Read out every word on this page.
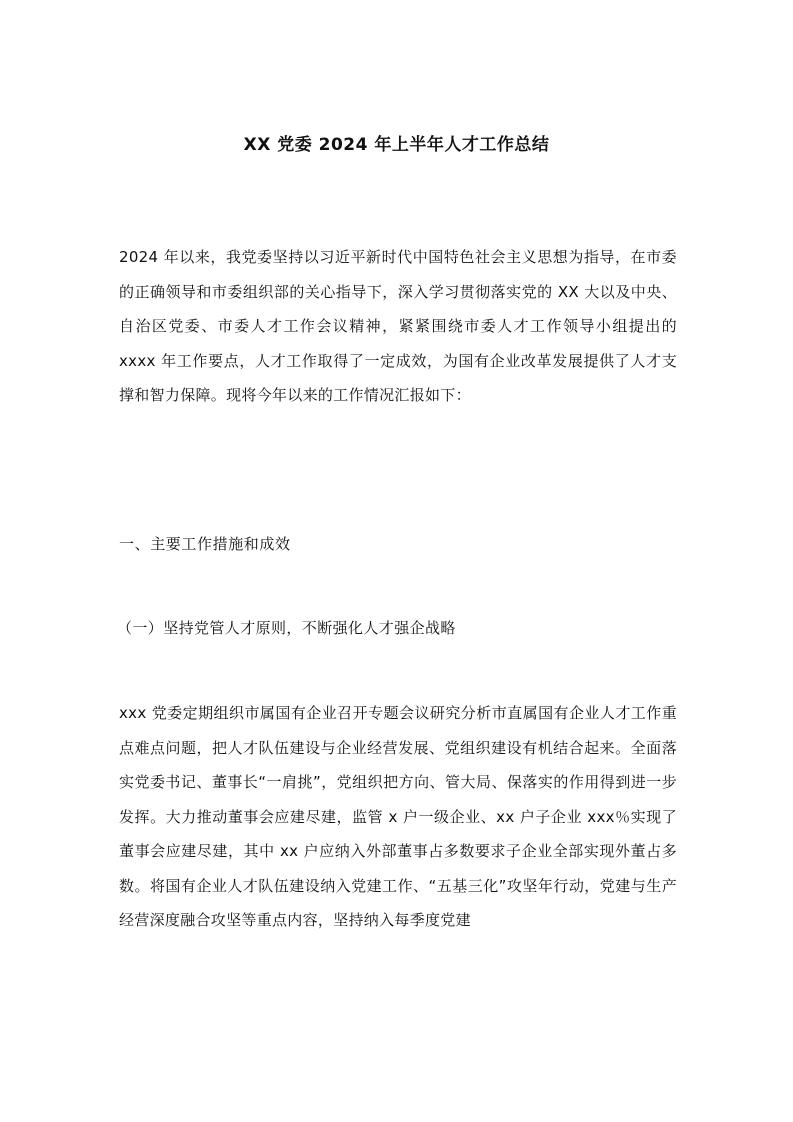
XX 党委 2024 年上半年人才工作总结

2024 年以来，我党委坚持以习近平新时代中国特色社会主义思想为指导，在市委的正确领导和市委组织部的关心指导下，深入学习贯彻落实党的 XX 大以及中央、自治区党委、市委人才工作会议精神，紧紧围绕市委人才工作领导小组提出的 xxxx 年工作要点，人才工作取得了一定成效，为国有企业改革发展提供了人才支撑和智力保障。现将今年以来的工作情况汇报如下：

一、主要工作措施和成效
（一）坚持党管人才原则，不断强化人才强企战略

xxx 党委定期组织市属国有企业召开专题会议研究分析市直属国有企业人才工作重点难点问题，把人才队伍建设与企业经营发展、党组织建设有机结合起来。全面落实党委书记、董事长“一肩挑”，党组织把方向、管大局、保落实的作用得到进一步发挥。大力推动董事会应建尽建，监管 x 户一级企业、xx 户子企业 xxx％实现了董事会应建尽建，其中 xx 户应纳入外部董事占多数要求子企业全部实现外董占多数。将国有企业人才队伍建设纳入党建工作、“五基三化”攻坚年行动，党建与生产经营深度融合攻坚等重点内容，坚持纳入每季度党建
